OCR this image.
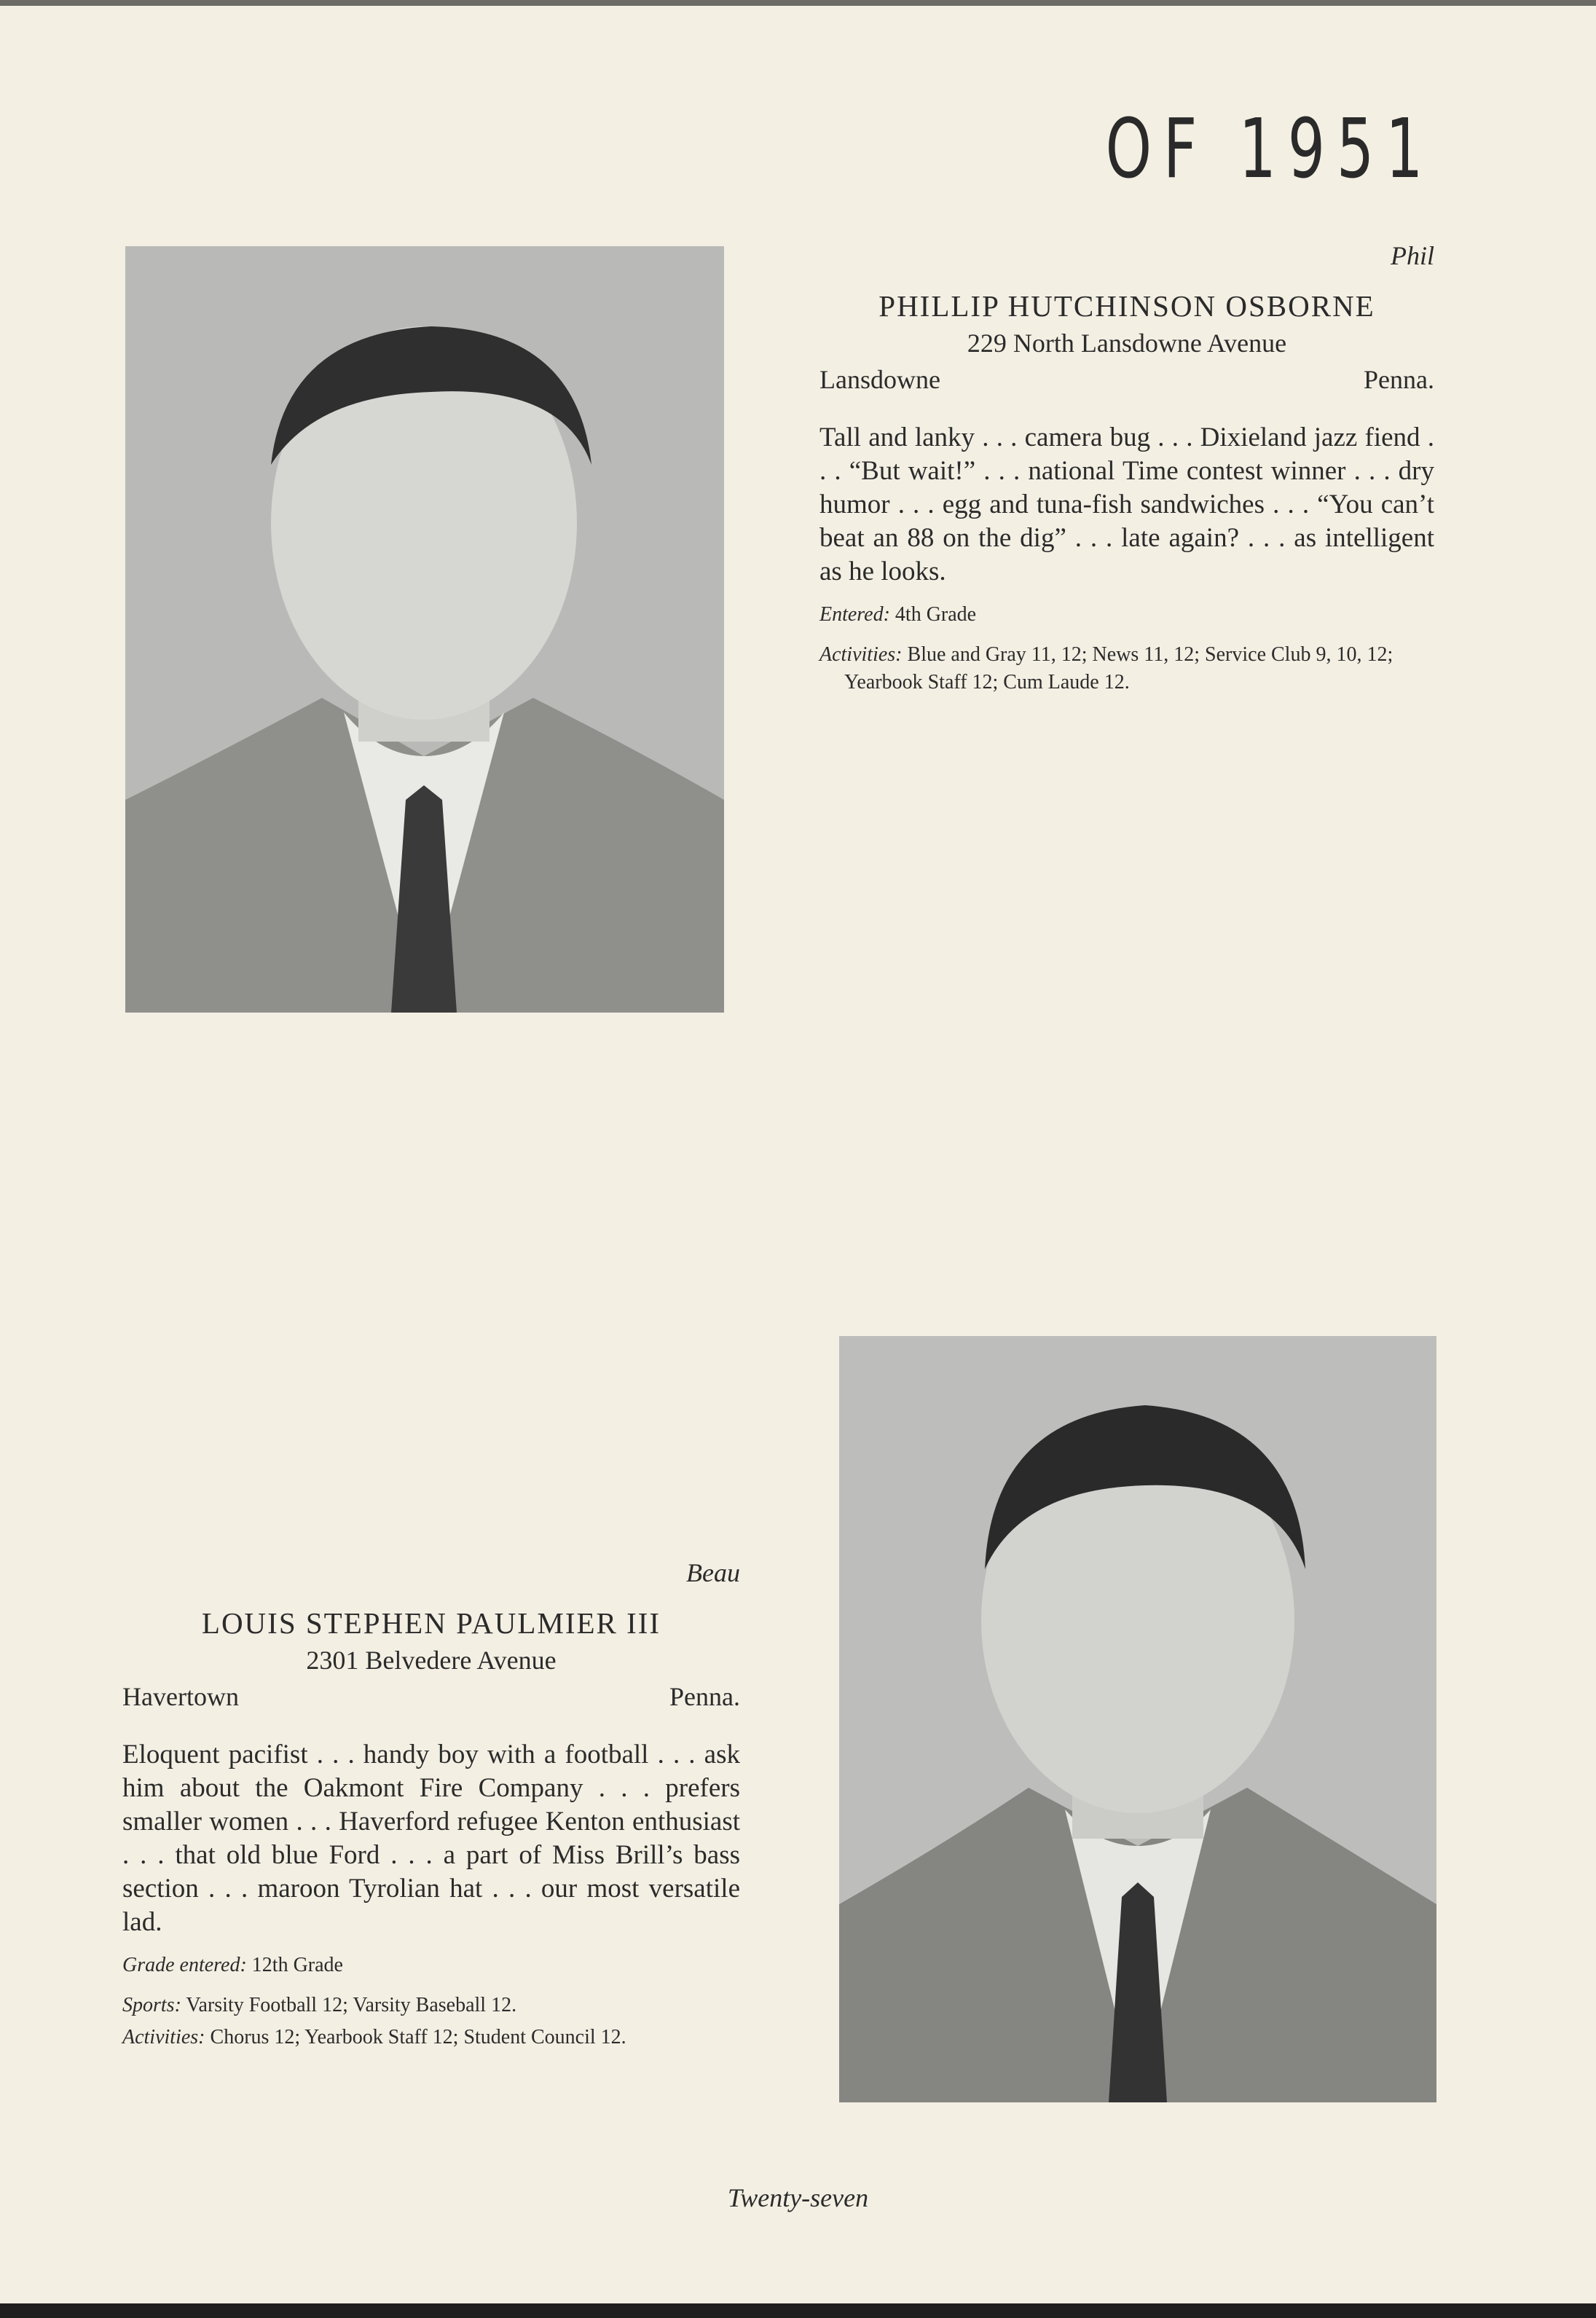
OF 1951
Phil
PHILLIP HUTCHINSON OSBORNE
229 North Lansdowne Avenue
Lansdowne	Penna.
Tall and lanky . . . camera bug . . . Dixieland jazz fiend . . . “But wait!” . . . national Time contest winner . . . dry humor . . . egg and tuna-fish sandwiches . . . “You can’t beat an 88 on the dig” . . . late again? . . . as intelligent as he looks.
Entered: 4th Grade
Activities: Blue and Gray 11, 12; News 11, 12; Service Club 9, 10, 12; Yearbook Staff 12; Cum Laude 12.
Beau
LOUIS STEPHEN PAULMIER III
2301 Belvedere Avenue
Havertown	Penna.
Eloquent pacifist . . . handy boy with a football . . . ask him about the Oakmont Fire Company . . . prefers smaller women . . . Haverford refugee Kenton enthusiast . . . that old blue Ford . . . a part of Miss Brill’s bass section . . . maroon Tyrolian hat . . . our most versatile lad.
Grade entered: 12th Grade
Sports: Varsity Football 12; Varsity Baseball 12.
Activities: Chorus 12; Yearbook Staff 12; Student Council 12.
Twenty-seven
